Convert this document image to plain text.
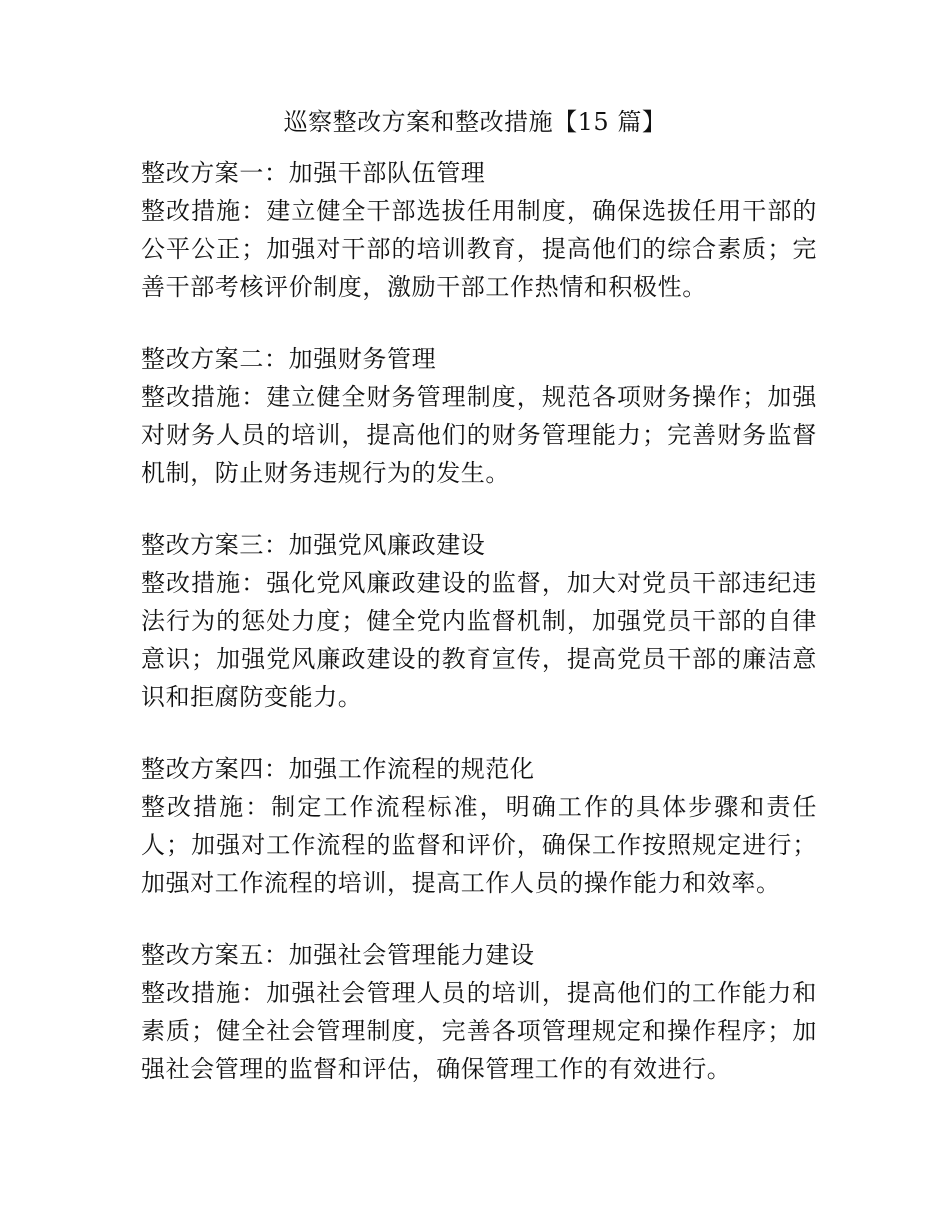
巡察整改方案和整改措施【15 篇】

整改方案一：加强干部队伍管理

整改措施：建立健全干部选拔任用制度，确保选拔任用干部的公平公正；加强对干部的培训教育，提高他们的综合素质；完善干部考核评价制度，激励干部工作热情和积极性。

整改方案二：加强财务管理

整改措施：建立健全财务管理制度，规范各项财务操作；加强对财务人员的培训，提高他们的财务管理能力；完善财务监督机制，防止财务违规行为的发生。

整改方案三：加强党风廉政建设

整改措施：强化党风廉政建设的监督，加大对党员干部违纪违法行为的惩处力度；健全党内监督机制，加强党员干部的自律意识；加强党风廉政建设的教育宣传，提高党员干部的廉洁意识和拒腐防变能力。

整改方案四：加强工作流程的规范化

整改措施：制定工作流程标准，明确工作的具体步骤和责任人；加强对工作流程的监督和评价，确保工作按照规定进行；加强对工作流程的培训，提高工作人员的操作能力和效率。

整改方案五：加强社会管理能力建设

整改措施：加强社会管理人员的培训，提高他们的工作能力和素质；健全社会管理制度，完善各项管理规定和操作程序；加强社会管理的监督和评估，确保管理工作的有效进行。
